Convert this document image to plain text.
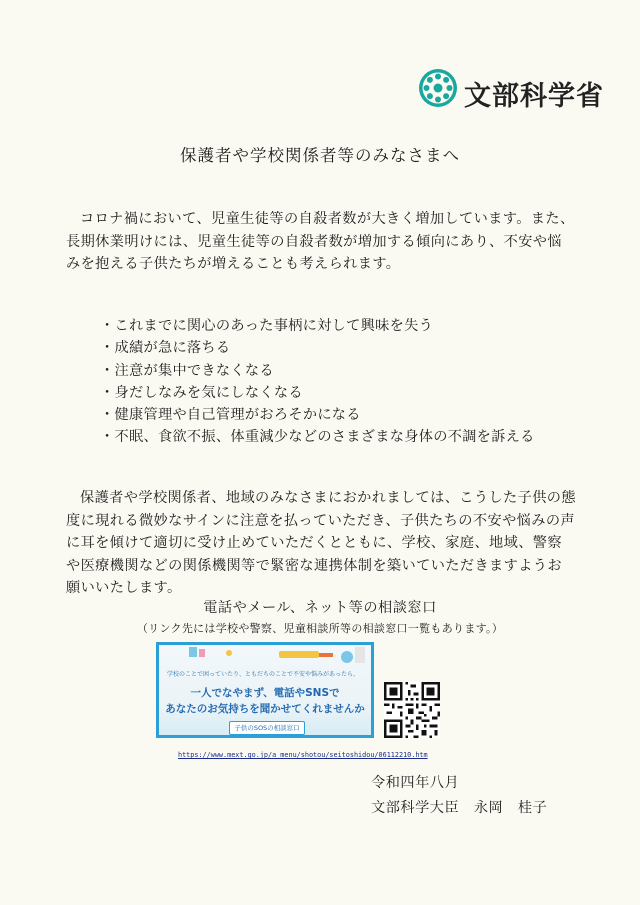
文部科学省
保護者や学校関係者等のみなさまへ

コロナ禍において、児童生徒等の自殺者数が大きく増加しています。また、長期休業明けには、児童生徒等の自殺者数が増加する傾向にあり、不安や悩みを抱える子供たちが増えることも考えられます。

・これまでに関心のあった事柄に対して興味を失う
・成績が急に落ちる
・注意が集中できなくなる
・身だしなみを気にしなくなる
・健康管理や自己管理がおろそかになる
・不眠、食欲不振、体重減少などのさまざまな身体の不調を訴える

保護者や学校関係者、地域のみなさまにおかれましては、こうした子供の態度に現れる微妙なサインに注意を払っていただき、子供たちの不安や悩みの声に耳を傾けて適切に受け止めていただくとともに、学校、家庭、地域、警察や医療機関などの関係機関等で緊密な連携体制を築いていただきますようお願いいたします。

電話やメール、ネット等の相談窓口
（リンク先には学校や警察、児童相談所等の相談窓口一覧もあります。）
学校のことで困っていたり、ともだちのことで不安や悩みがあったら、
一人でなやまず、電話やSNSで
あなたのお気持ちを聞かせてくれませんか
子供のSOSの相談窓口
https://www.mext.go.jp/a_menu/shotou/seitoshidou/06112210.htm
令和四年八月
文部科学大臣　永岡　桂子
